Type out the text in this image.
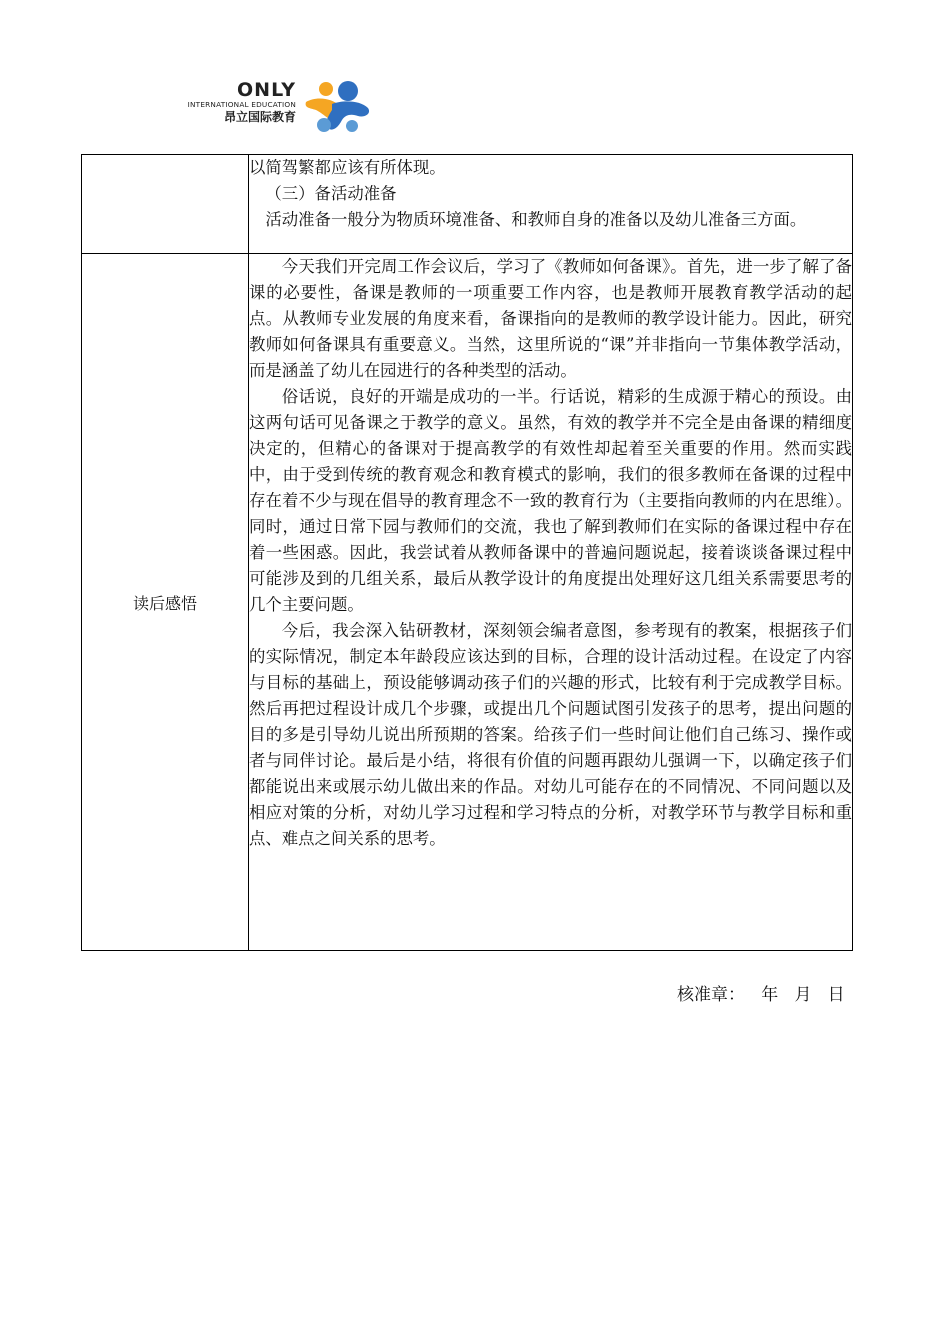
ONLY
INTERNATIONAL EDUCATION
昂立国际教育

	以简驾繁都应该有所体现。

（三）备活动准备

活动准备一般分为物质环境准备、和教师自身的准备以及幼儿准备三方面。

读后感悟	今天我们开完周工作会议后，学习了《教师如何备课》。首先，进一步了解了备课的必要性，备课是教师的一项重要工作内容，也是教师开展教育教学活动的起点。从教师专业发展的角度来看，备课指向的是教师的教学设计能力。因此，研究教师如何备课具有重要意义。当然，这里所说的“课”并非指向一节集体教学活动，而是涵盖了幼儿在园进行的各种类型的活动。

俗话说，良好的开端是成功的一半。行话说，精彩的生成源于精心的预设。由这两句话可见备课之于教学的意义。虽然，有效的教学并不完全是由备课的精细度决定的，但精心的备课对于提高教学的有效性却起着至关重要的作用。然而实践中，由于受到传统的教育观念和教育模式的影响，我们的很多教师在备课的过程中存在着不少与现在倡导的教育理念不一致的教育行为（主要指向教师的内在思维）。同时，通过日常下园与教师们的交流，我也了解到教师们在实际的备课过程中存在着一些困惑。因此，我尝试着从教师备课中的普遍问题说起，接着谈谈备课过程中可能涉及到的几组关系，最后从教学设计的角度提出处理好这几组关系需要思考的几个主要问题。

今后，我会深入钻研教材，深刻领会编者意图，参考现有的教案，根据孩子们的实际情况，制定本年龄段应该达到的目标，合理的设计活动过程。在设定了内容与目标的基础上，预设能够调动孩子们的兴趣的形式，比较有利于完成教学目标。然后再把过程设计成几个步骤，或提出几个问题试图引发孩子的思考，提出问题的目的多是引导幼儿说出所预期的答案。给孩子们一些时间让他们自己练习、操作或者与同伴讨论。最后是小结，将很有价值的问题再跟幼儿强调一下，以确定孩子们都能说出来或展示幼儿做出来的作品。对幼儿可能存在的不同情况、不同问题以及相应对策的分析，对幼儿学习过程和学习特点的分析，对教学环节与教学目标和重点、难点之间关系的思考。

核准章： 年 月 日
